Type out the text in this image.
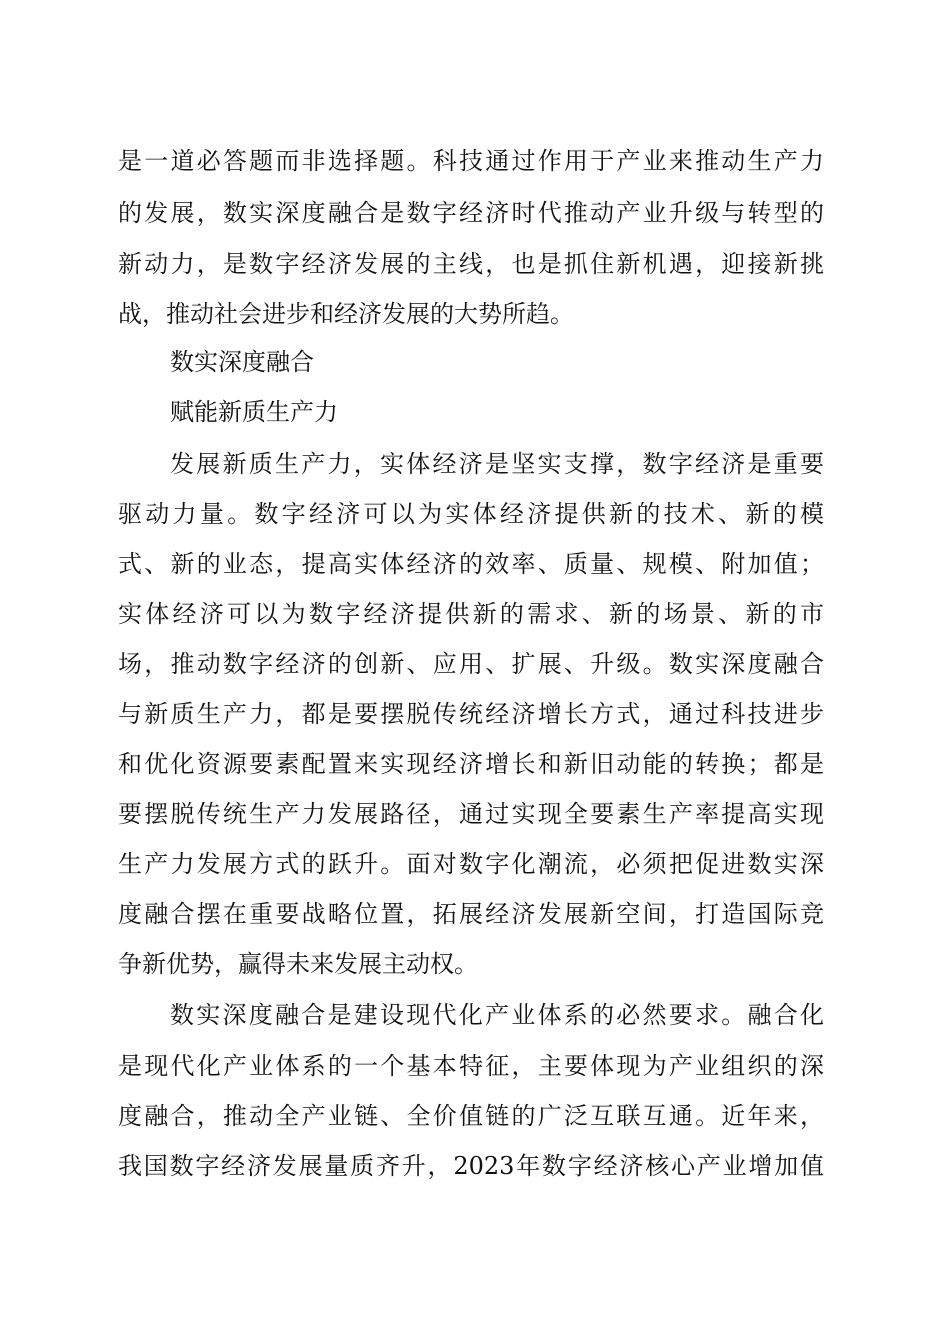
是一道必答题而非选择题。科技通过作用于产业来推动生产力
的发展，数实深度融合是数字经济时代推动产业升级与转型的
新动力，是数字经济发展的主线，也是抓住新机遇，迎接新挑
战，推动社会进步和经济发展的大势所趋。
数实深度融合
赋能新质生产力
发展新质生产力，实体经济是坚实支撑，数字经济是重要
驱动力量。数字经济可以为实体经济提供新的技术、新的模
式、新的业态，提高实体经济的效率、质量、规模、附加值；
实体经济可以为数字经济提供新的需求、新的场景、新的市
场，推动数字经济的创新、应用、扩展、升级。数实深度融合
与新质生产力，都是要摆脱传统经济增长方式，通过科技进步
和优化资源要素配置来实现经济增长和新旧动能的转换；都是
要摆脱传统生产力发展路径，通过实现全要素生产率提高实现
生产力发展方式的跃升。面对数字化潮流，必须把促进数实深
度融合摆在重要战略位置，拓展经济发展新空间，打造国际竞
争新优势，赢得未来发展主动权。
数实深度融合是建设现代化产业体系的必然要求。融合化
是现代化产业体系的一个基本特征，主要体现为产业组织的深
度融合，推动全产业链、全价值链的广泛互联互通。近年来，
我国数字经济发展量质齐升，2023年数字经济核心产业增加值
